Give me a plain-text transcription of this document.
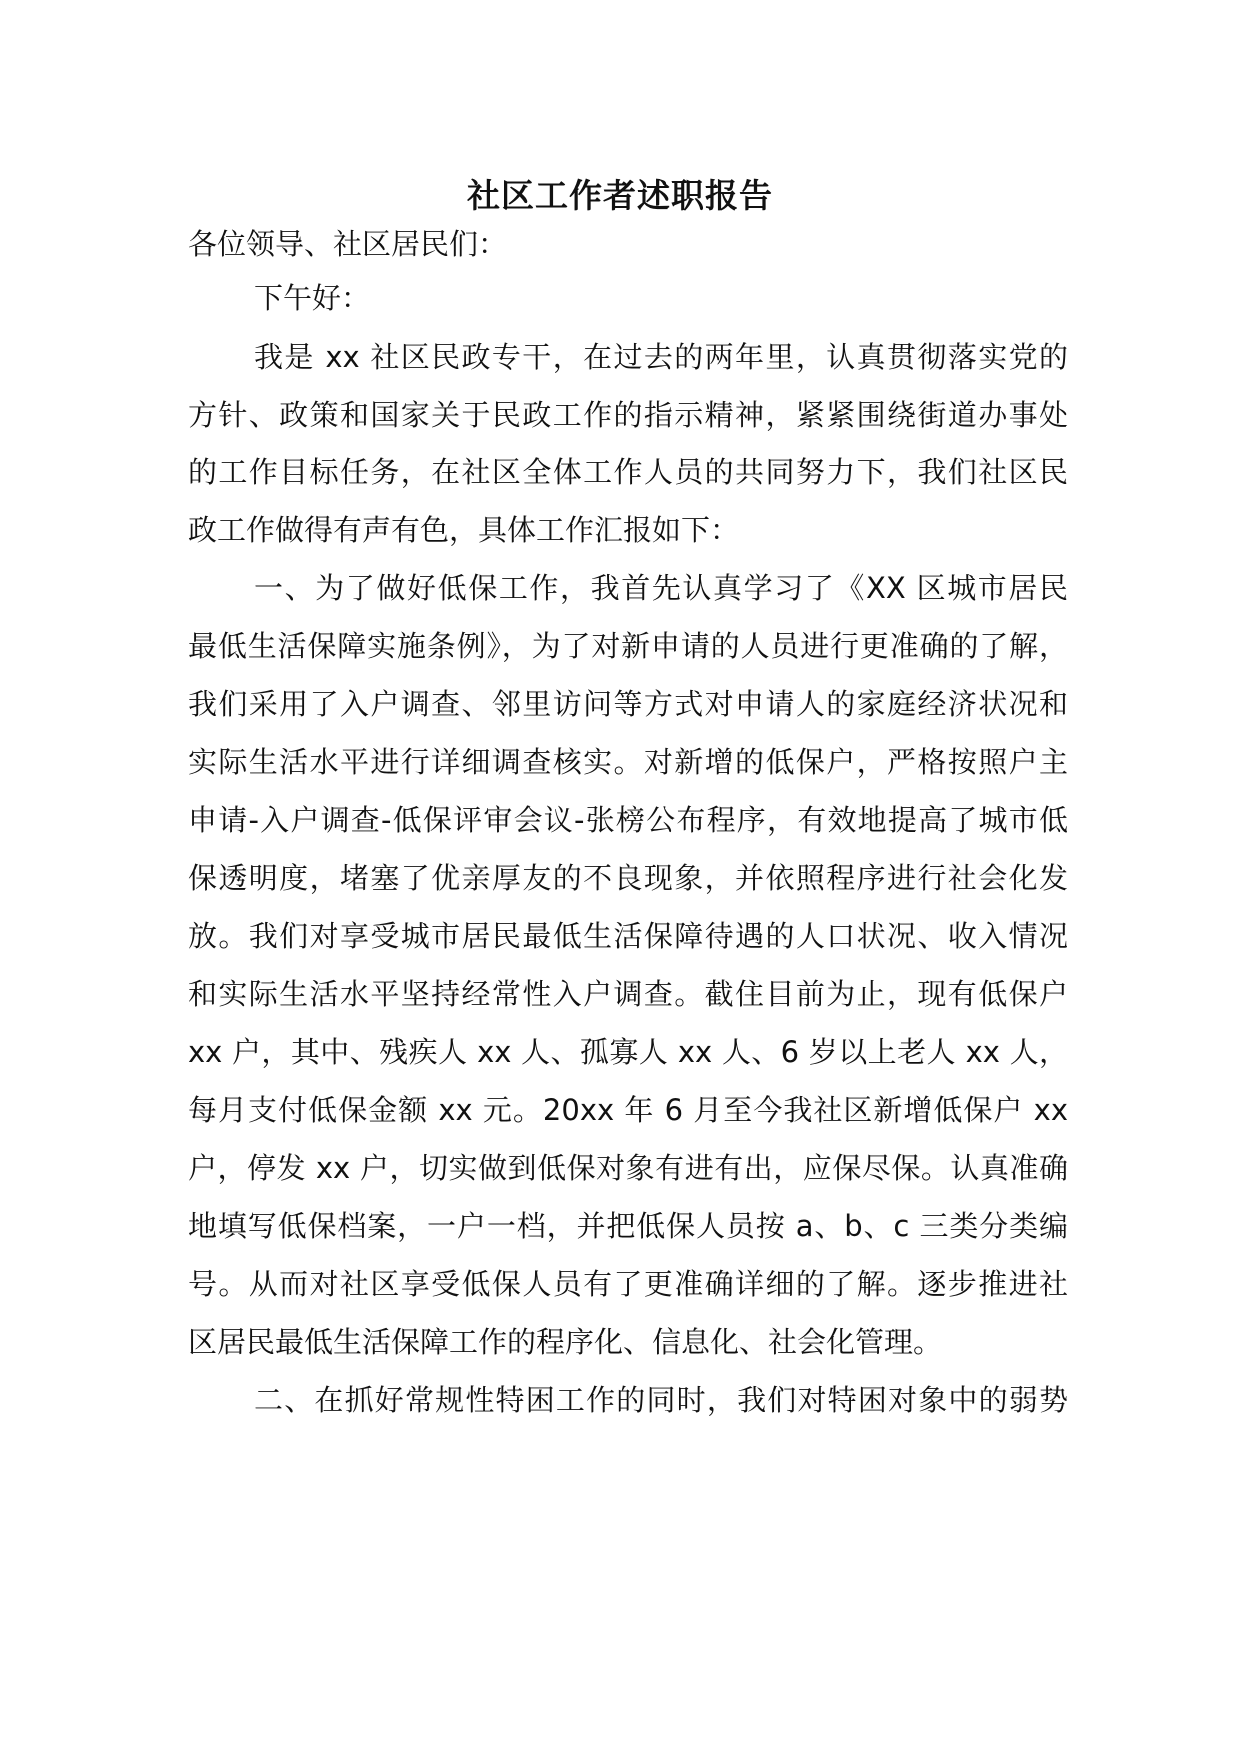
社区工作者述职报告

各位领导、社区居民们：

下午好：

我是 xx 社区民政专干，在过去的两年里，认真贯彻落实党的

方针、政策和国家关于民政工作的指示精神，紧紧围绕街道办事处

的工作目标任务，在社区全体工作人员的共同努力下，我们社区民

政工作做得有声有色，具体工作汇报如下：

一、为了做好低保工作，我首先认真学习了《XX 区城市居民

最低生活保障实施条例》，为了对新申请的人员进行更准确的了解，

我们采用了入户调查、邻里访问等方式对申请人的家庭经济状况和

实际生活水平进行详细调查核实。对新增的低保户，严格按照户主

申请-入户调查-低保评审会议-张榜公布程序，有效地提高了城市低

保透明度，堵塞了优亲厚友的不良现象，并依照程序进行社会化发

放。我们对享受城市居民最低生活保障待遇的人口状况、收入情况

和实际生活水平坚持经常性入户调查。截住目前为止，现有低保户

xx 户，其中、残疾人 xx 人、孤寡人 xx 人、6 岁以上老人 xx 人，

每月支付低保金额 xx 元。20xx 年 6 月至今我社区新增低保户 xx

户，停发 xx 户，切实做到低保对象有进有出，应保尽保。认真准确

地填写低保档案，一户一档，并把低保人员按 a、b、c 三类分类编

号。从而对社区享受低保人员有了更准确详细的了解。逐步推进社

区居民最低生活保障工作的程序化、信息化、社会化管理。

二、在抓好常规性特困工作的同时，我们对特困对象中的弱势
